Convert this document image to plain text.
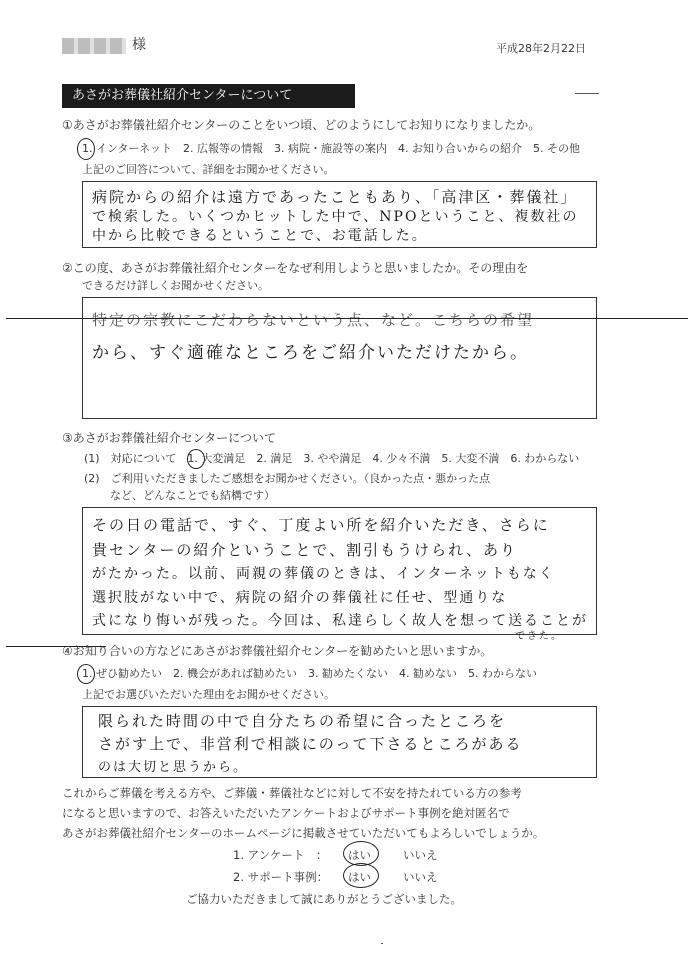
様	平成28年2月22日
あさがお葬儀社紹介センターについて
①あさがお葬儀社紹介センターのことをいつ頃、どのようにしてお知りになりましたか。
1. インターネット　2. 広報等の情報　3. 病院・施設等の案内　4. お知り合いからの紹介　5. その他
上記のご回答について、詳細をお聞かせください。
病院からの紹介は遠方であったこともあり、「高津区・葬儀社」
で検索した。いくつかヒットした中で、NPOということ、複数社の
中から比較できるということで、お電話した。
②この度、あさがお葬儀社紹介センターをなぜ利用しようと思いましたか。その理由を
できるだけ詳しくお聞かせください。
特定の宗教にこだわらないという点、など。こちらの希望
から、すぐ適確なところをご紹介いただけたから。
③あさがお葬儀社紹介センターについて
(1)　対応について　1. 大変満足　2. 満足　3. やや満足　4. 少々不満　5. 大変不満　6. わからない
(2)　ご利用いただきましたご感想をお聞かせください。（良かった点・悪かった点
など、どんなことでも結構です）
その日の電話で、すぐ、丁度よい所を紹介いただき、さらに
貴センターの紹介ということで、割引もうけられ、あり
がたかった。以前、両親の葬儀のときは、インターネットもなく
選択肢がない中で、病院の紹介の葬儀社に任せ、型通りな
式になり悔いが残った。今回は、私達らしく故人を想って送ることが
できた。
④お知り合いの方などにあさがお葬儀社紹介センターを勧めたいと思いますか。
1. ぜひ勧めたい　2. 機会があれば勧めたい　3. 勧めたくない　4. 勧めない　5. わからない
上記でお選びいただいた理由をお聞かせください。
限られた時間の中で自分たちの希望に合ったところを
さがす上で、非営利で相談にのって下さるところがある
のは大切と思うから。
これからご葬儀を考える方や、ご葬儀・葬儀社などに対して不安を持たれている方の参考
になると思いますので、お答えいただいたアンケートおよびサポート事例を絶対匿名で
あさがお葬儀社紹介センターのホームページに掲載させていただいてもよろしいでしょうか。
1. アンケート　： はい	いいえ
2. サポート事例： はい	いいえ
ご協力いただきまして誠にありがとうございました。
